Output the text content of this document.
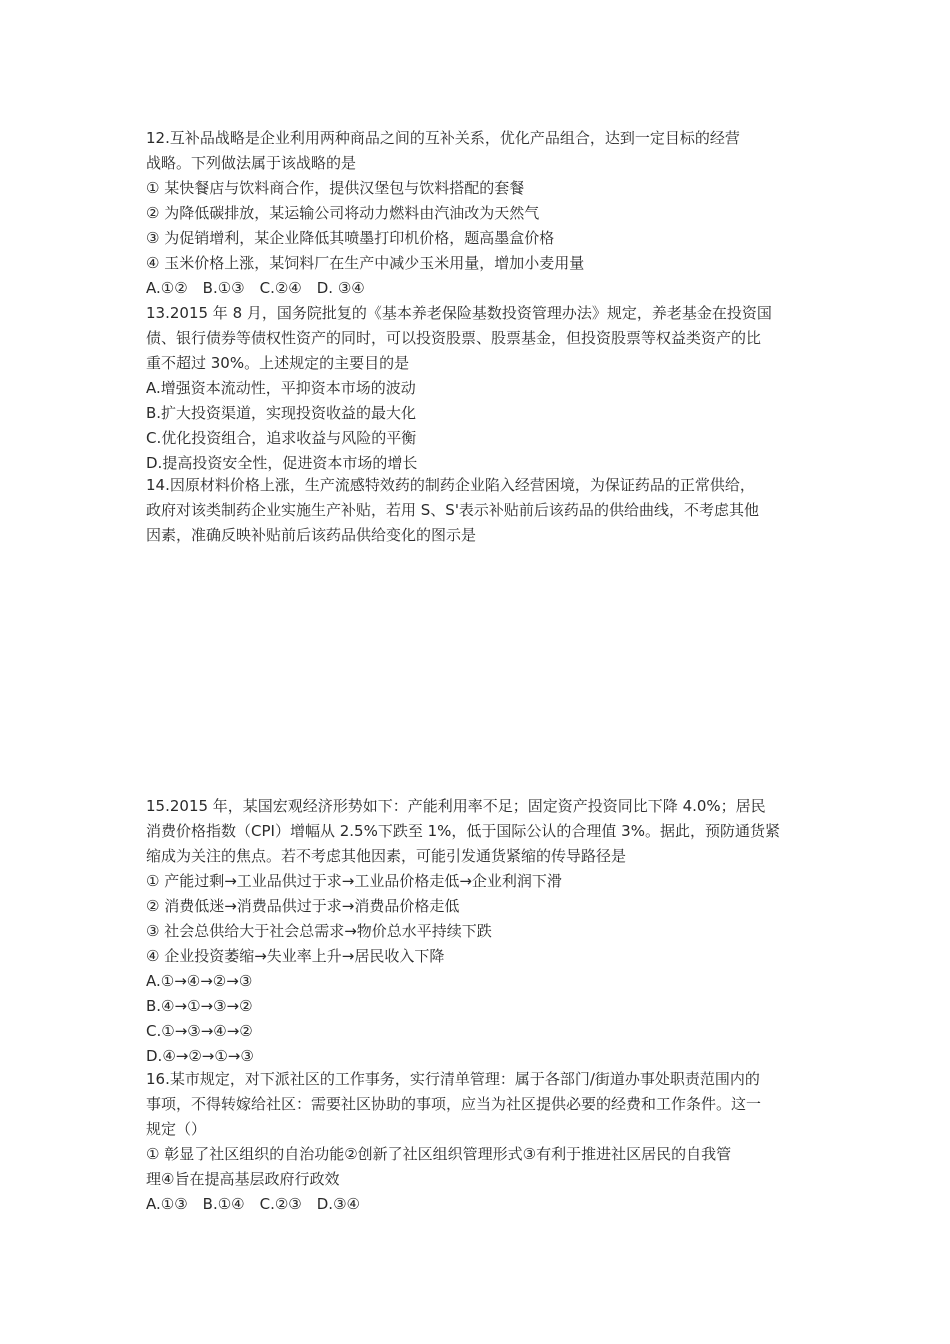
12.互补品战略是企业利用两种商品之间的互补关系，优化产品组合，达到一定目标的经营
战略。下列做法属于该战略的是
① 某快餐店与饮料商合作，提供汉堡包与饮料搭配的套餐
② 为降低碳排放，某运输公司将动力燃料由汽油改为天然气
③ 为促销增利，某企业降低其喷墨打印机价格，题高墨盒价格
④ 玉米价格上涨，某饲料厂在生产中减少玉米用量，增加小麦用量
A.①②　B.①③　C.②④　D. ③④
13.2015 年 8 月，国务院批复的《基本养老保险基数投资管理办法》规定，养老基金在投资国
债、银行债券等债权性资产的同时，可以投资股票、股票基金，但投资股票等权益类资产的比
重不超过 30%。上述规定的主要目的是
A.增强资本流动性，平抑资本市场的波动
B.扩大投资渠道，实现投资收益的最大化
C.优化投资组合，追求收益与风险的平衡
D.提高投资安全性，促进资本市场的增长
14.因原材料价格上涨，生产流感特效药的制药企业陷入经营困境，为保证药品的正常供给，
政府对该类制药企业实施生产补贴，若用 S、S'表示补贴前后该药品的供给曲线，不考虑其他
因素，准确反映补贴前后该药品供给变化的图示是
15.2015 年，某国宏观经济形势如下：产能利用率不足；固定资产投资同比下降 4.0%；居民
消费价格指数（CPI）增幅从 2.5%下跌至 1%，低于国际公认的合理值 3%。据此，预防通货紧
缩成为关注的焦点。若不考虑其他因素，可能引发通货紧缩的传导路径是
① 产能过剩→工业品供过于求→工业品价格走低→企业利润下滑
② 消费低迷→消费品供过于求→消费品价格走低
③ 社会总供给大于社会总需求→物价总水平持续下跌
④ 企业投资萎缩→失业率上升→居民收入下降
A.①→④→②→③
B.④→①→③→②
C.①→③→④→②
D.④→②→①→③
16.某市规定，对下派社区的工作事务，实行清单管理：属于各部门/街道办事处职责范围内的
事项，不得转嫁给社区：需要社区协助的事项，应当为社区提供必要的经费和工作条件。这一
规定（）
① 彰显了社区组织的自治功能②创新了社区组织管理形式③有利于推进社区居民的自我管
理④旨在提高基层政府行政效
A.①③　B.①④　C.②③　D.③④
